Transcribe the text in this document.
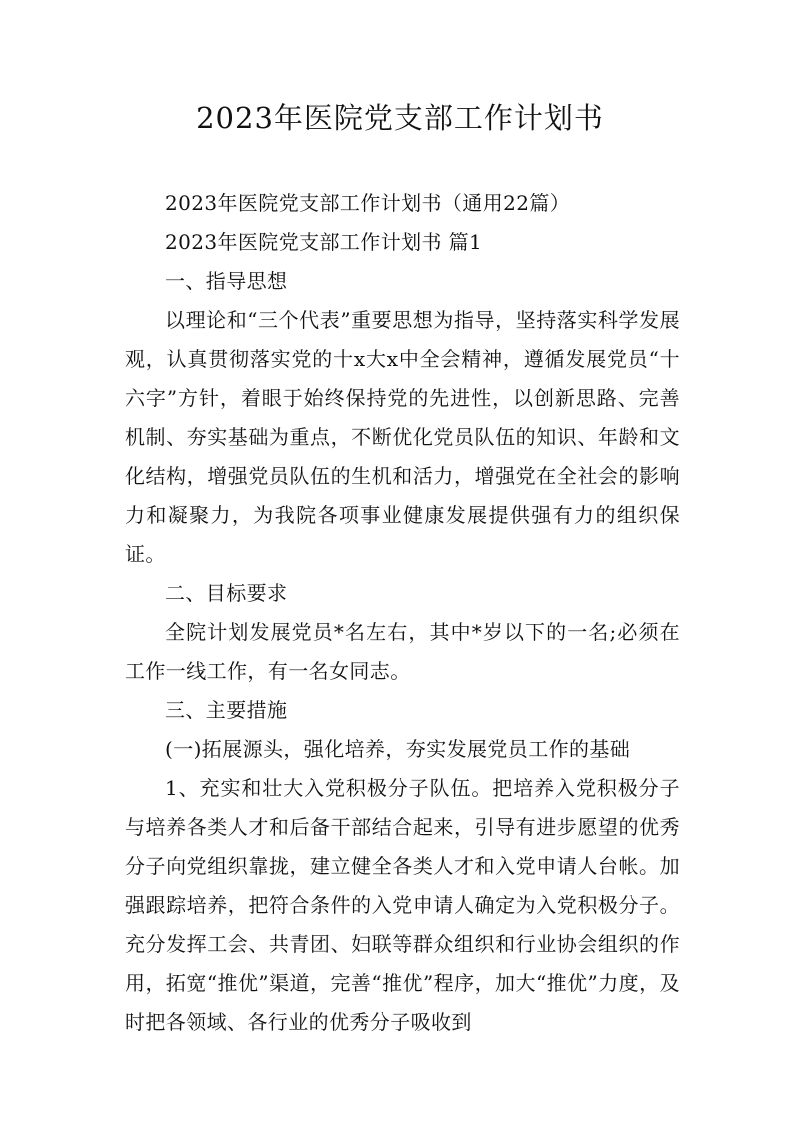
2023年医院党支部工作计划书

2023年医院党支部工作计划书（通用22篇）

2023年医院党支部工作计划书 篇1

一、指导思想

以理论和“三个代表”重要思想为指导，坚持落实科学发展观，认真贯彻落实党的十x大x中全会精神，遵循发展党员“十六字”方针，着眼于始终保持党的先进性，以创新思路、完善机制、夯实基础为重点，不断优化党员队伍的知识、年龄和文化结构，增强党员队伍的生机和活力，增强党在全社会的影响力和凝聚力，为我院各项事业健康发展提供强有力的组织保证。

二、目标要求

全院计划发展党员*名左右，其中*岁以下的一名;必须在工作一线工作，有一名女同志。

三、主要措施

(一)拓展源头，强化培养，夯实发展党员工作的基础

1、充实和壮大入党积极分子队伍。把培养入党积极分子与培养各类人才和后备干部结合起来，引导有进步愿望的优秀分子向党组织靠拢，建立健全各类人才和入党申请人台帐。加强跟踪培养，把符合条件的入党申请人确定为入党积极分子。充分发挥工会、共青团、妇联等群众组织和行业协会组织的作用，拓宽“推优”渠道，完善“推优”程序，加大“推优”力度，及时把各领域、各行业的优秀分子吸收到
